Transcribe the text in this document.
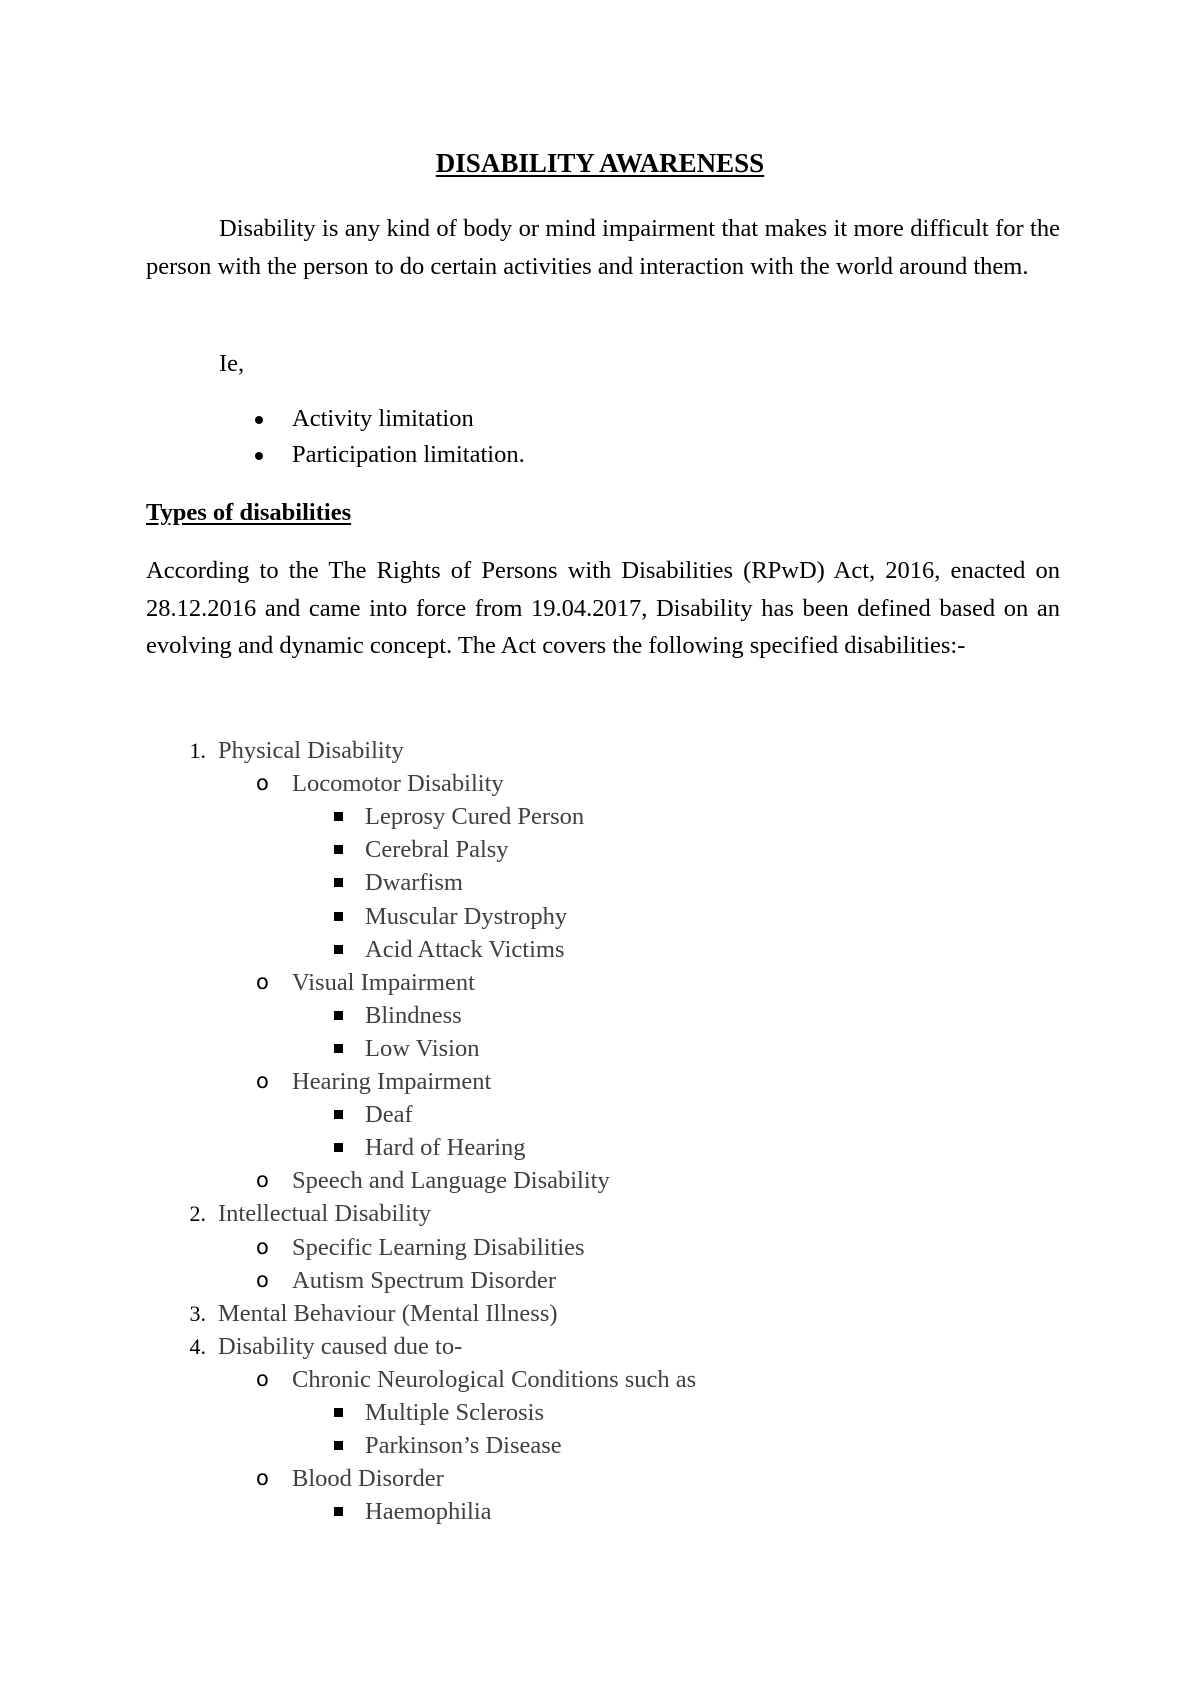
DISABILITY AWARENESS

Disability is any kind of body or mind impairment that makes it more difficult for the person with the person to do certain activities and interaction with the world around them.

Ie,
Activity limitation
Participation limitation.
Types of disabilities

According to the The Rights of Persons with Disabilities (RPwD) Act, 2016, enacted on 28.12.2016 and came into force from 19.04.2017, Disability has been defined based on an evolving and dynamic concept. The Act covers the following specified disabilities:-

1. Physical Disability
o Locomotor Disability
Leprosy Cured Person
Cerebral Palsy
Dwarfism
Muscular Dystrophy
Acid Attack Victims
o Visual Impairment
Blindness
Low Vision
o Hearing Impairment
Deaf
Hard of Hearing
o Speech and Language Disability
2. Intellectual Disability
o Specific Learning Disabilities
o Autism Spectrum Disorder
3. Mental Behaviour (Mental Illness)
4. Disability caused due to-
o Chronic Neurological Conditions such as
Multiple Sclerosis
Parkinson’s Disease
o Blood Disorder
Haemophilia
